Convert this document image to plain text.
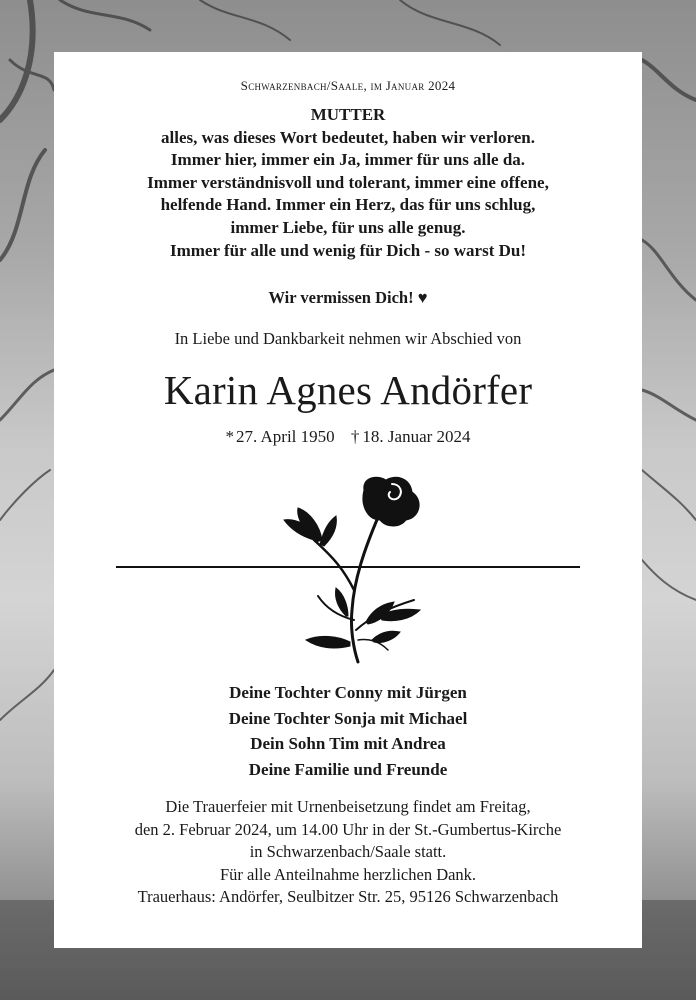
Schwarzenbach/Saale, im Januar 2024
MUTTER
alles, was dieses Wort bedeutet, haben wir verloren.
Immer hier, immer ein Ja, immer für uns alle da.
Immer verständnisvoll und tolerant, immer eine offene,
helfende Hand. Immer ein Herz, das für uns schlug,
immer Liebe, für uns alle genug.
Immer für alle und wenig für Dich - so warst Du!
Wir vermissen Dich! ♥
In Liebe und Dankbarkeit nehmen wir Abschied von
Karin Agnes Andörfer
* 27. April 1950 † 18. Januar 2024
Deine Tochter Conny mit Jürgen
Deine Tochter Sonja mit Michael
Dein Sohn Tim mit Andrea
Deine Familie und Freunde
Die Trauerfeier mit Urnenbeisetzung findet am Freitag,
den 2. Februar 2024, um 14.00 Uhr in der St.-Gumbertus-Kirche
in Schwarzenbach/Saale statt.
Für alle Anteilnahme herzlichen Dank.
Trauerhaus: Andörfer, Seulbitzer Str. 25, 95126 Schwarzenbach
